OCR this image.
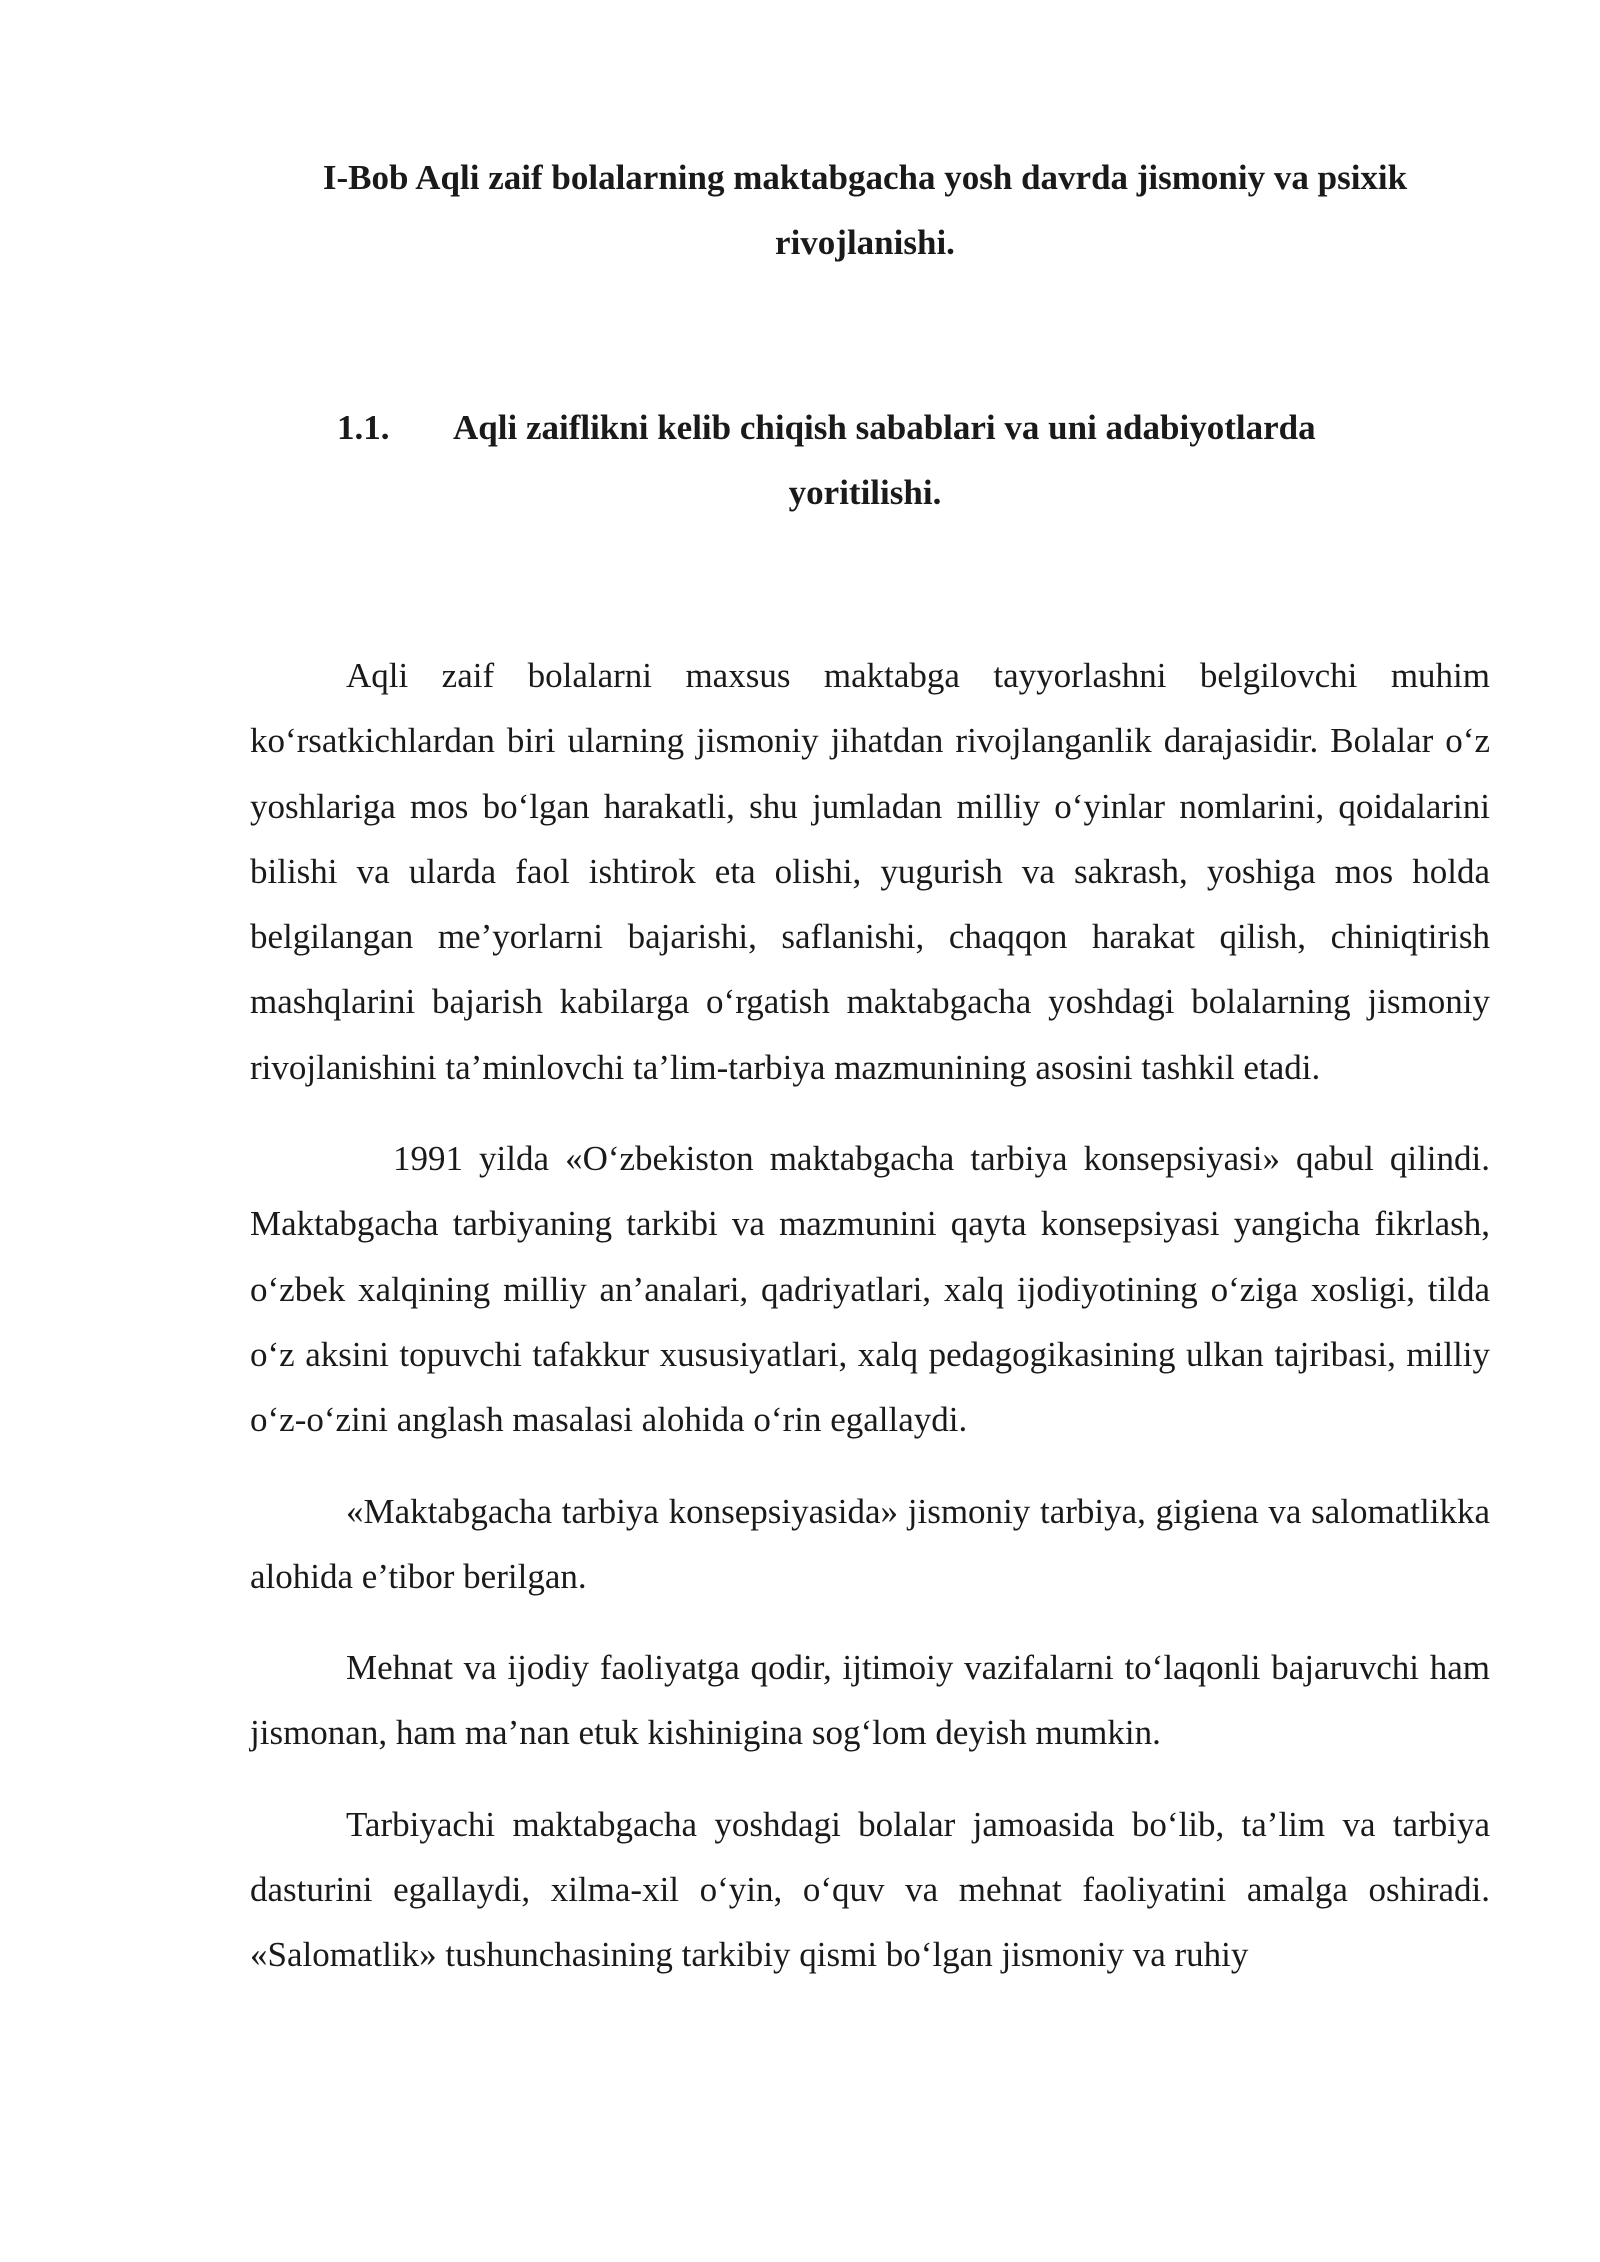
I-Bob Aqli zaif bolalarning maktabgacha yosh davrda jismoniy va psixik rivojlanishi.
1.1. Aqli zaiflikni kelib chiqish sabablari va uni adabiyotlarda
yoritilishi.

Aqli zaif bolalarni maxsus maktabga tayyorlashni belgilovchi muhim ko‘rsatkichlardan biri ularning jismoniy jihatdan rivojlanganlik darajasidir. Bolalar o‘z yoshlariga mos bo‘lgan harakatli, shu jumladan milliy o‘yinlar nomlarini, qoidalarini bilishi va ularda faol ishtirok eta olishi, yugurish va sakrash, yoshiga mos holda belgilangan me’yorlarni bajarishi, saflanishi, chaqqon harakat qilish, chiniqtirish mashqlarini bajarish kabilarga o‘rgatish maktabgacha yoshdagi bolalarning jismoniy rivojlanishini ta’minlovchi ta’lim-tarbiya mazmunining asosini tashkil etadi.

1991 yilda «O‘zbekiston maktabgacha tarbiya konsepsiyasi» qabul qilindi. Maktabgacha tarbiyaning tarkibi va mazmunini qayta konsepsiyasi yangicha fikrlash, o‘zbek xalqining milliy an’analari, qadriyatlari, xalq ijodiyotining o‘ziga xosligi, tilda o‘z aksini topuvchi tafakkur xususiyatlari, xalq pedagogikasining ulkan tajribasi, milliy o‘z-o‘zini anglash masalasi alohida o‘rin egallaydi.

«Maktabgacha tarbiya konsepsiyasida» jismoniy tarbiya, gigiena va salomatlikka alohida e’tibor berilgan.

Mehnat va ijodiy faoliyatga qodir, ijtimoiy vazifalarni to‘laqonli bajaruvchi ham jismonan, ham ma’nan etuk kishinigina sog‘lom deyish mumkin.

Tarbiyachi maktabgacha yoshdagi bolalar jamoasida bo‘lib, ta’lim va tarbiya dasturini egallaydi, xilma-xil o‘yin, o‘quv va mehnat faoliyatini amalga oshiradi. «Salomatlik» tushunchasining tarkibiy qismi bo‘lgan jismoniy va ruhiy
